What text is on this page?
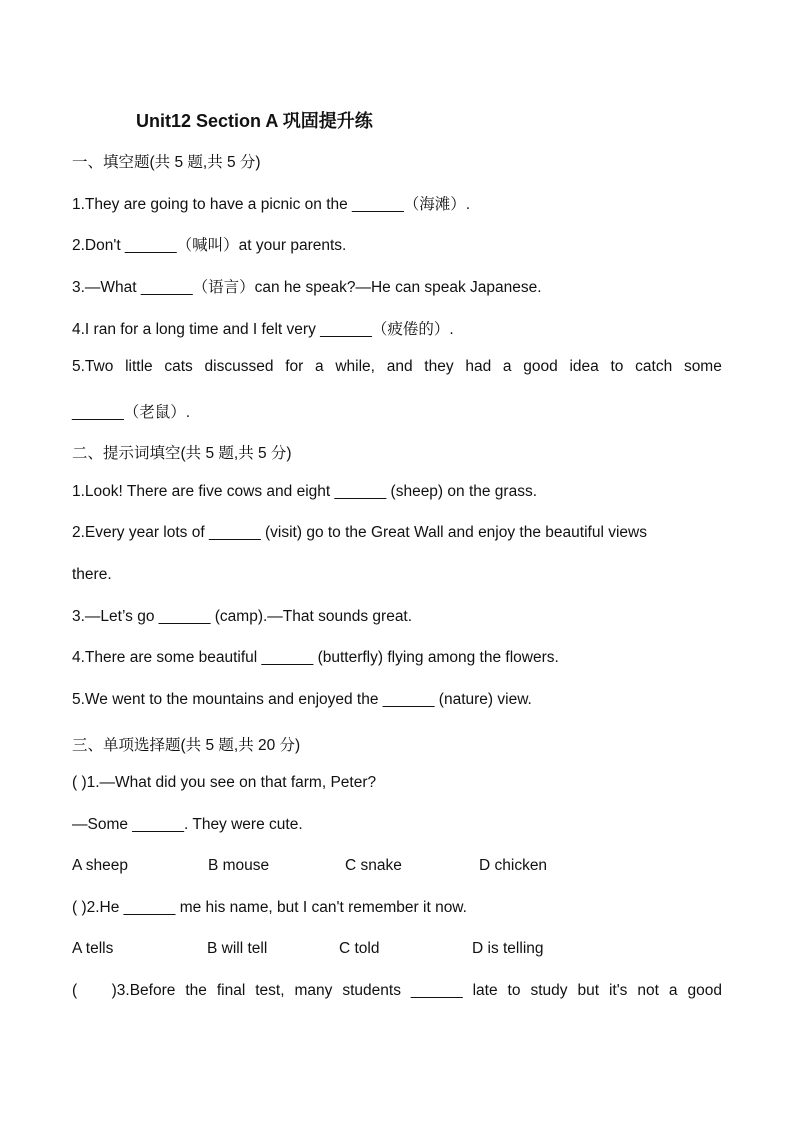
Unit12 Section A 巩固提升练
一、填空题(共 5 题,共 5 分)
1.They are going to have a picnic on the ______（海滩）.
2.Don't ______（喊叫）at your parents.
3.—What ______（语言）can he speak?—He can speak Japanese.
4.I ran for a long time and I felt very ______（疲倦的）.
5.Two little cats discussed for a while, and they had a good idea to catch some
______（老鼠）.
二、提示词填空(共 5 题,共 5 分)
1.Look! There are five cows and eight ______ (sheep) on the grass.
2.Every year lots of ______ (visit) go to the Great Wall and enjoy the beautiful views
there.
3.—Let’s go ______ (camp).—That sounds great.
4.There are some beautiful ______ (butterfly) flying among the flowers.
5.We went to the mountains and enjoyed the ______ (nature) view.
三、单项选择题(共 5 题,共 20 分)
( )1.—What did you see on that farm, Peter?
—Some ______. They were cute.
A sheep	B mouse	C snake	D chicken
( )2.He ______ me his name, but I can't remember it now.
A tells	B will tell	C told	D is telling
(        )3.Before the final test, many students ______ late to study but it's not a good
